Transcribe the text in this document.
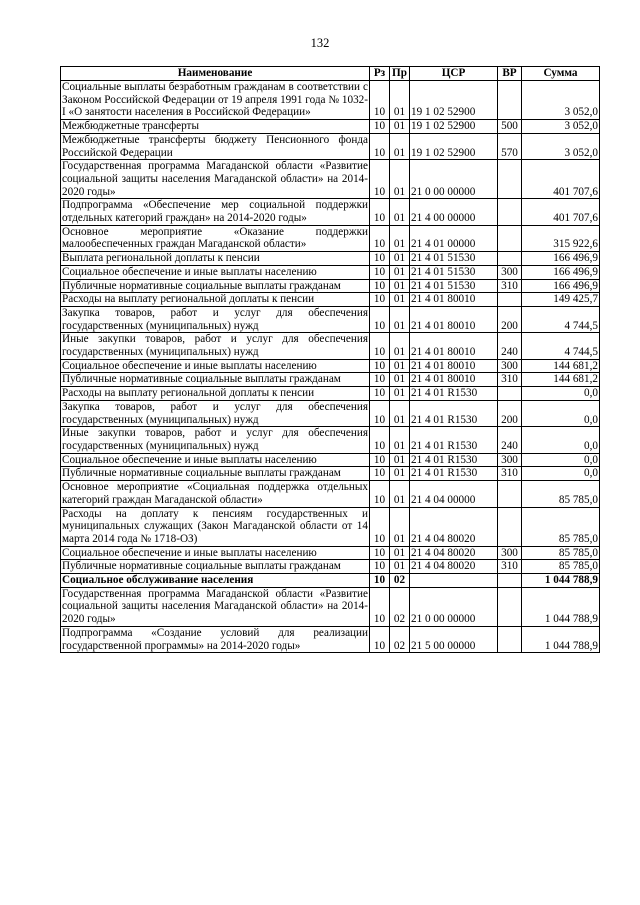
132
Наименование	Рз	Пр	ЦСР	ВР	Сумма
Социальные выплаты безработным гражданам в соответствии с Законом Российской Федерации от 19 апреля 1991 года № 1032-I «О занятости населения в Российской Федерации»	10	01	19 1 02 52900		3 052,0
Межбюджетные трансферты	10	01	19 1 02 52900	500	3 052,0
Межбюджетные трансферты бюджету Пенсионного фонда Российской Федерации	10	01	19 1 02 52900	570	3 052,0
Государственная программа Магаданской области «Развитие социальной защиты населения Магаданской области» на 2014-2020 годы»	10	01	21 0 00 00000		401 707,6
Подпрограмма «Обеспечение мер социальной поддержки отдельных категорий граждан» на 2014-2020 годы»	10	01	21 4 00 00000		401 707,6
Основное мероприятие «Оказание поддержки малообеспеченных граждан Магаданской области»	10	01	21 4 01 00000		315 922,6
Выплата региональной доплаты к пенсии	10	01	21 4 01 51530		166 496,9
Социальное обеспечение и иные выплаты населению	10	01	21 4 01 51530	300	166 496,9
Публичные нормативные социальные выплаты гражданам	10	01	21 4 01 51530	310	166 496,9
Расходы на выплату региональной доплаты к пенсии	10	01	21 4 01 80010		149 425,7
Закупка товаров, работ и услуг для обеспечения государственных (муниципальных) нужд	10	01	21 4 01 80010	200	4 744,5
Иные закупки товаров, работ и услуг для обеспечения государственных (муниципальных) нужд	10	01	21 4 01 80010	240	4 744,5
Социальное обеспечение и иные выплаты населению	10	01	21 4 01 80010	300	144 681,2
Публичные нормативные социальные выплаты гражданам	10	01	21 4 01 80010	310	144 681,2
Расходы на выплату региональной доплаты к пенсии	10	01	21 4 01 R1530		0,0
Закупка товаров, работ и услуг для обеспечения государственных (муниципальных) нужд	10	01	21 4 01 R1530	200	0,0
Иные закупки товаров, работ и услуг для обеспечения государственных (муниципальных) нужд	10	01	21 4 01 R1530	240	0,0
Социальное обеспечение и иные выплаты населению	10	01	21 4 01 R1530	300	0,0
Публичные нормативные социальные выплаты гражданам	10	01	21 4 01 R1530	310	0,0
Основное мероприятие «Социальная поддержка отдельных категорий граждан Магаданской области»	10	01	21 4 04 00000		85 785,0
Расходы на доплату к пенсиям государственных и муниципальных служащих (Закон Магаданской области от 14 марта 2014 года № 1718-ОЗ)	10	01	21 4 04 80020		85 785,0
Социальное обеспечение и иные выплаты населению	10	01	21 4 04 80020	300	85 785,0
Публичные нормативные социальные выплаты гражданам	10	01	21 4 04 80020	310	85 785,0
Социальное обслуживание населения	10	02			1 044 788,9
Государственная программа Магаданской области «Развитие социальной защиты населения Магаданской области» на 2014-2020 годы»	10	02	21 0 00 00000		1 044 788,9
Подпрограмма «Создание условий для реализации государственной программы» на 2014-2020 годы»	10	02	21 5 00 00000		1 044 788,9
